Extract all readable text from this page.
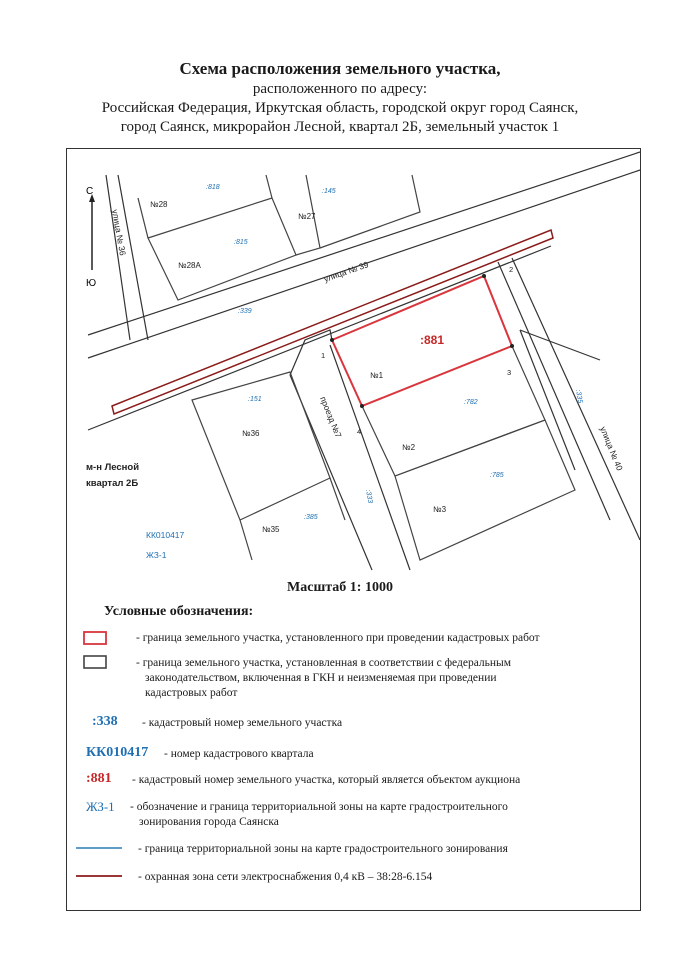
Схема расположения земельного участка,
расположенного по адресу:
Российская Федерация, Иркутская область, городской округ город Саянск,
город Саянск, микрорайон Лесной, квартал 2Б, земельный участок 1
С
Ю
улица № 36
улица № 39
улица № 40
проезд №7
№28
№27
№28А
№1
№2
№3
№36
№35
:818
:145
:815
:339
:151	:782
:785
:385
:333
:335
:881
1
2
3
4
м-н Лесной
квартал 2Б
КК010417
ЖЗ-1
Масштаб 1: 1000
Условные обозначения:
- граница земельного участка, установленного при проведении кадастровых работ
- граница земельного участка, установленная в соответствии с федеральным
законодательством, включенная в ГКН и неизменяемая при проведении
кадастровых работ
:338 - кадастровый номер земельного участка
КК010417 - номер кадастрового квартала
:881 - кадастровый номер земельного участка, который является объектом аукциона
ЖЗ-1 - обозначение и граница территориальной зоны на карте градостроительного
зонирования города Саянска
- граница территориальной зоны на карте градостроительного зонирования
- охранная зона сети электроснабжения 0,4 кВ – 38:28-6.154
